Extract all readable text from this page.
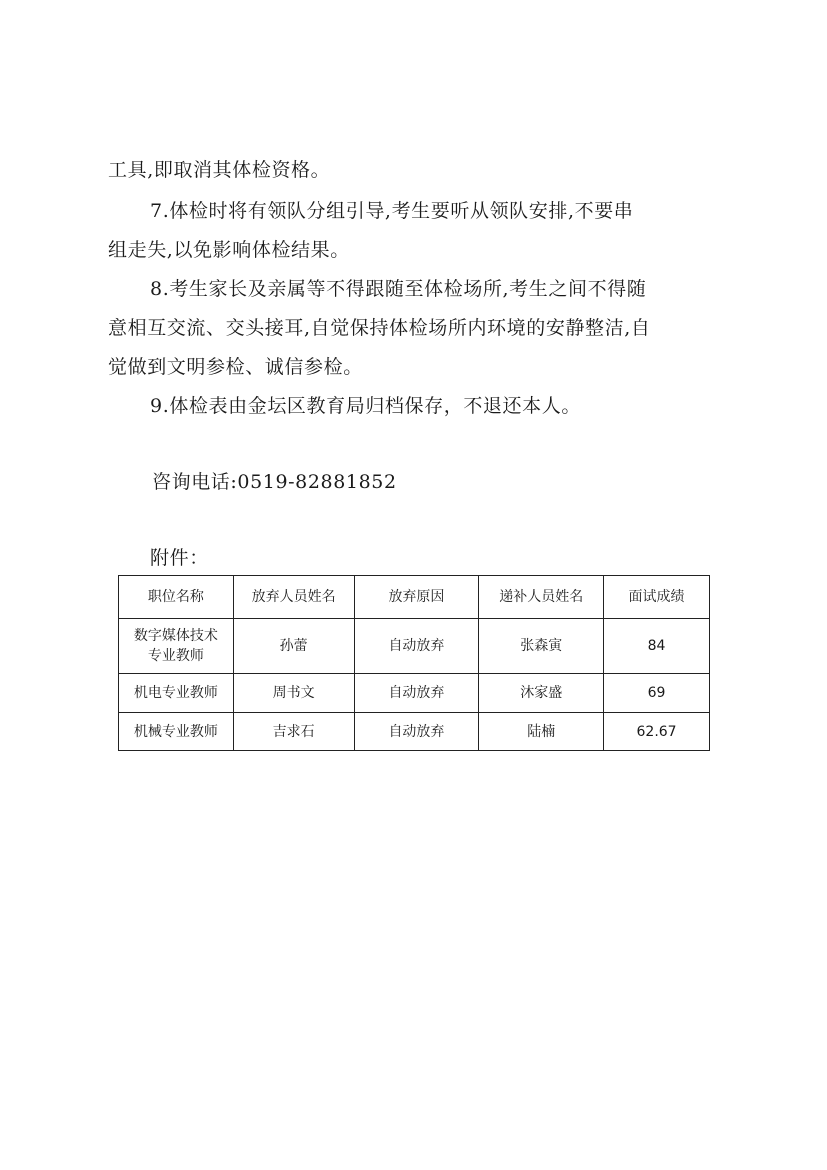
工具,即取消其体检资格。
7.体检时将有领队分组引导,考生要听从领队安排,不要串
组走失,以免影响体检结果。
8.考生家长及亲属等不得跟随至体检场所,考生之间不得随
意相互交流、交头接耳,自觉保持体检场所内环境的安静整洁,自
觉做到文明参检、诚信参检。
9.体检表由金坛区教育局归档保存，不退还本人。
咨询电话:0519-82881852
附件：
职位名称	放弃人员姓名	放弃原因	递补人员姓名	面试成绩

数字媒体技术
专业教师	孙蕾	自动放弃	张森寅	84
机电专业教师	周书文	自动放弃	沐家盛	69
机械专业教师	吉求石	自动放弃	陆楠	62.67
